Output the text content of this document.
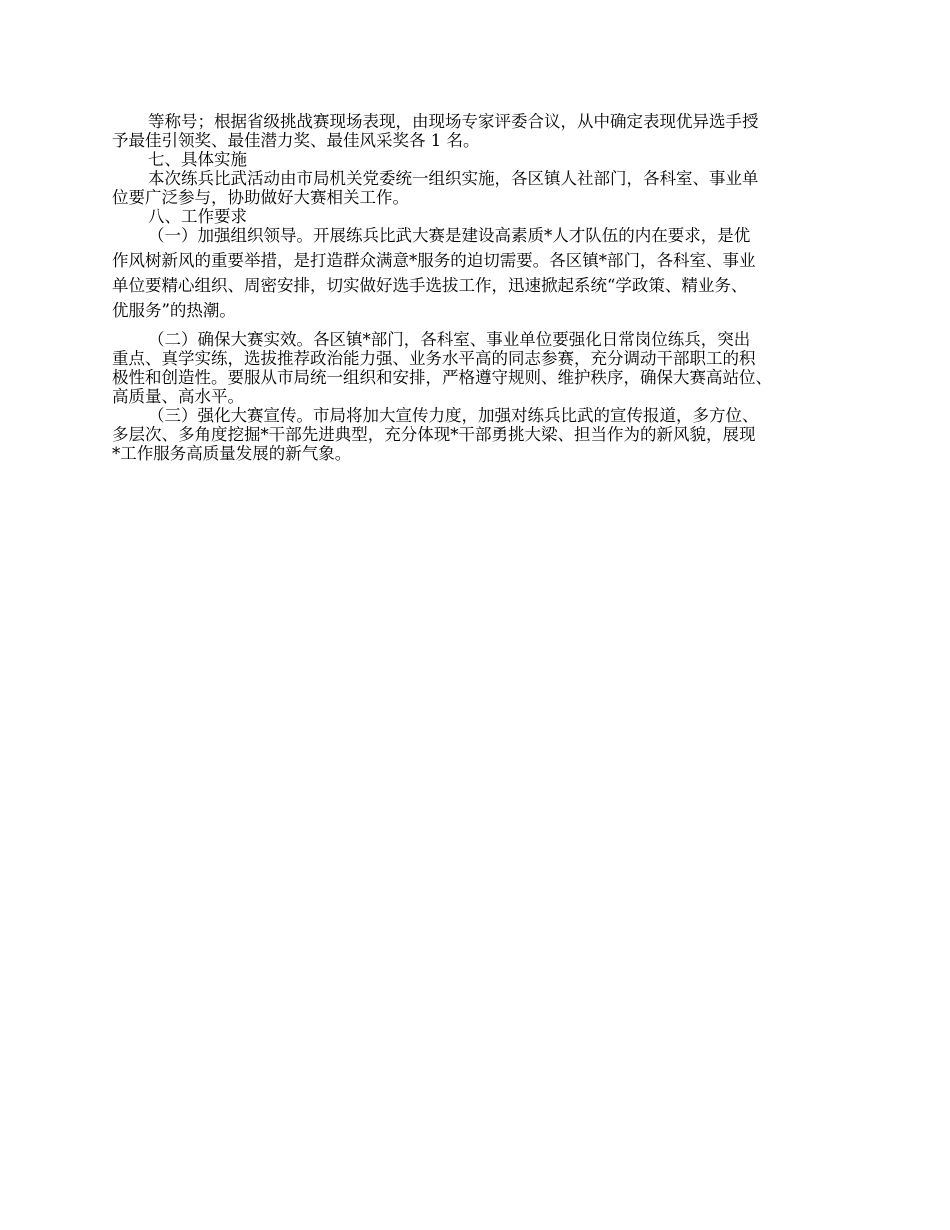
等称号；根据省级挑战赛现场表现，由现场专家评委合议，从中确定表现优异选手授
予最佳引领奖、最佳潜力奖、最佳风采奖各 1 名。
七、具体实施
本次练兵比武活动由市局机关党委统一组织实施，各区镇人社部门，各科室、事业单
位要广泛参与，协助做好大赛相关工作。
八、工作要求
（一）加强组织领导。开展练兵比武大赛是建设高素质*人才队伍的内在要求，是优
作风树新风的重要举措，是打造群众满意*服务的迫切需要。各区镇*部门，各科室、事业
单位要精心组织、周密安排，切实做好选手选拔工作，迅速掀起系统“学政策、精业务、
优服务”的热潮。
（二）确保大赛实效。各区镇*部门，各科室、事业单位要强化日常岗位练兵，突出
重点、真学实练，选拔推荐政治能力强、业务水平高的同志参赛，充分调动干部职工的积
极性和创造性。要服从市局统一组织和安排，严格遵守规则、维护秩序，确保大赛高站位、
高质量、高水平。
（三）强化大赛宣传。市局将加大宣传力度，加强对练兵比武的宣传报道，多方位、
多层次、多角度挖掘*干部先进典型，充分体现*干部勇挑大梁、担当作为的新风貌，展现
*工作服务高质量发展的新气象。
